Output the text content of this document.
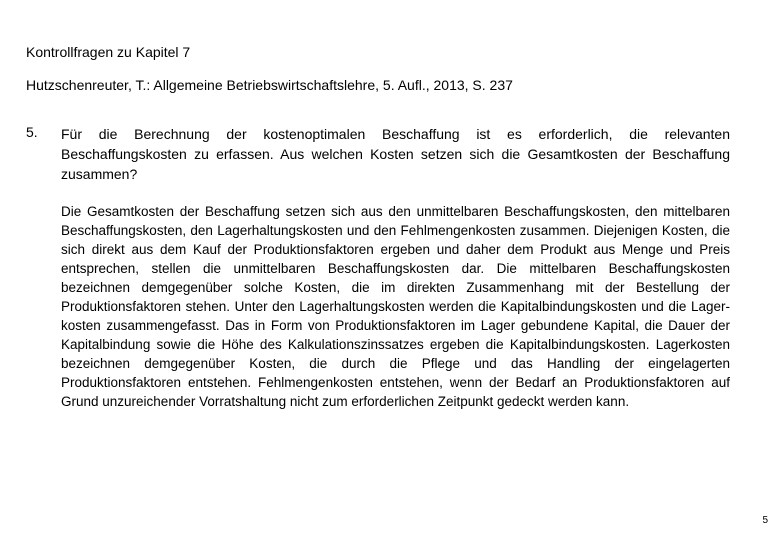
Kontrollfragen zu Kapitel 7
Hutzschenreuter, T.: Allgemeine Betriebswirtschaftslehre, 5. Aufl., 2013, S. 237
5. Für die Berechnung der kostenoptimalen Beschaffung ist es erforderlich, die relevanten Beschaffungskosten zu erfassen. Aus welchen Kosten setzen sich die Gesamtkosten der Beschaffung zusammen?
Die Gesamtkosten der Beschaffung setzen sich aus den unmittelbaren Beschaffungskosten, den mittelbaren Beschaffungskosten, den Lagerhaltungskosten und den Fehlmengenkosten zusammen. Diejenigen Kosten, die sich direkt aus dem Kauf der Produktionsfaktoren ergeben und daher dem Produkt aus Menge und Preis entsprechen, stellen die unmittelbaren Beschaffungskosten dar. Die mittelbaren Beschaffungskosten bezeichnen demgegenüber solche Kosten, die im direkten Zusammenhang mit der Bestellung der Produktionsfaktoren stehen. Unter den Lagerhaltungskosten werden die Kapitalbindungskosten und die Lagerkosten zusammengefasst. Das in Form von Produktionsfaktoren im Lager gebundene Kapital, die Dauer der Kapitalbindung sowie die Höhe des Kalkulationszinssatzes ergeben die Kapitalbindungskosten. Lagerkosten bezeichnen demgegenüber Kosten, die durch die Pflege und das Handling der eingelagerten Produktionsfaktoren entstehen. Fehlmengenkosten entstehen, wenn der Bedarf an Produktionsfaktoren auf Grund unzureichender Vorratshaltung nicht zum erforderlichen Zeitpunkt gedeckt werden kann.
5
